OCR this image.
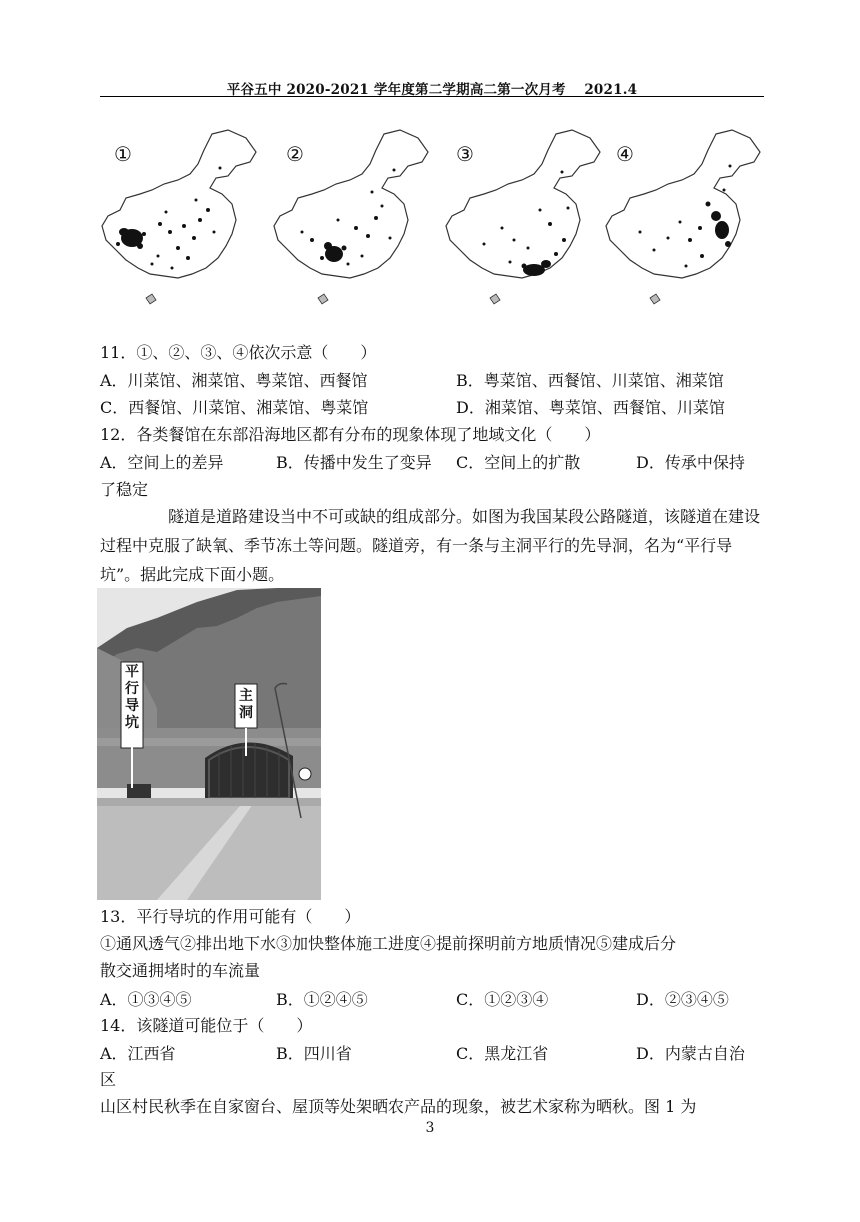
平谷五中 2020-2021 学年度第二学期高二第一次月考　 2021.4
①	②	③	④
11．①、②、③、④依次示意（　　）
A．川菜馆、湘菜馆、粤菜馆、西餐馆	B．粤菜馆、西餐馆、川菜馆、湘菜馆
C．西餐馆、川菜馆、湘菜馆、粤菜馆	D．湘菜馆、粤菜馆、西餐馆、川菜馆
12．各类餐馆在东部沿海地区都有分布的现象体现了地域文化（　　）
A．空间上的差异	B．传播中发生了变异 C．空间上的扩散	D．传承中保持
了稳定
隧道是道路建设当中不可或缺的组成部分。如图为我国某段公路隧道，该隧道在建设过程中克服了缺氧、季节冻土等问题。隧道旁，有一条与主洞平行的先导洞，名为“平行导坑”。据此完成下面小题。
平行导坑
主洞
13．平行导坑的作用可能有（　　）
①通风透气②排出地下水③加快整体施工进度④提前探明前方地质情况⑤建成后分
散交通拥堵时的车流量
A．①③④⑤	B．①②④⑤	C．①②③④	D．②③④⑤
14．该隧道可能位于（　　）
A．江西省	B．四川省	C．黑龙江省	D．内蒙古自治
区
山区村民秋季在自家窗台、屋顶等处架晒农产品的现象，被艺术家称为晒秋。图 1 为
3
